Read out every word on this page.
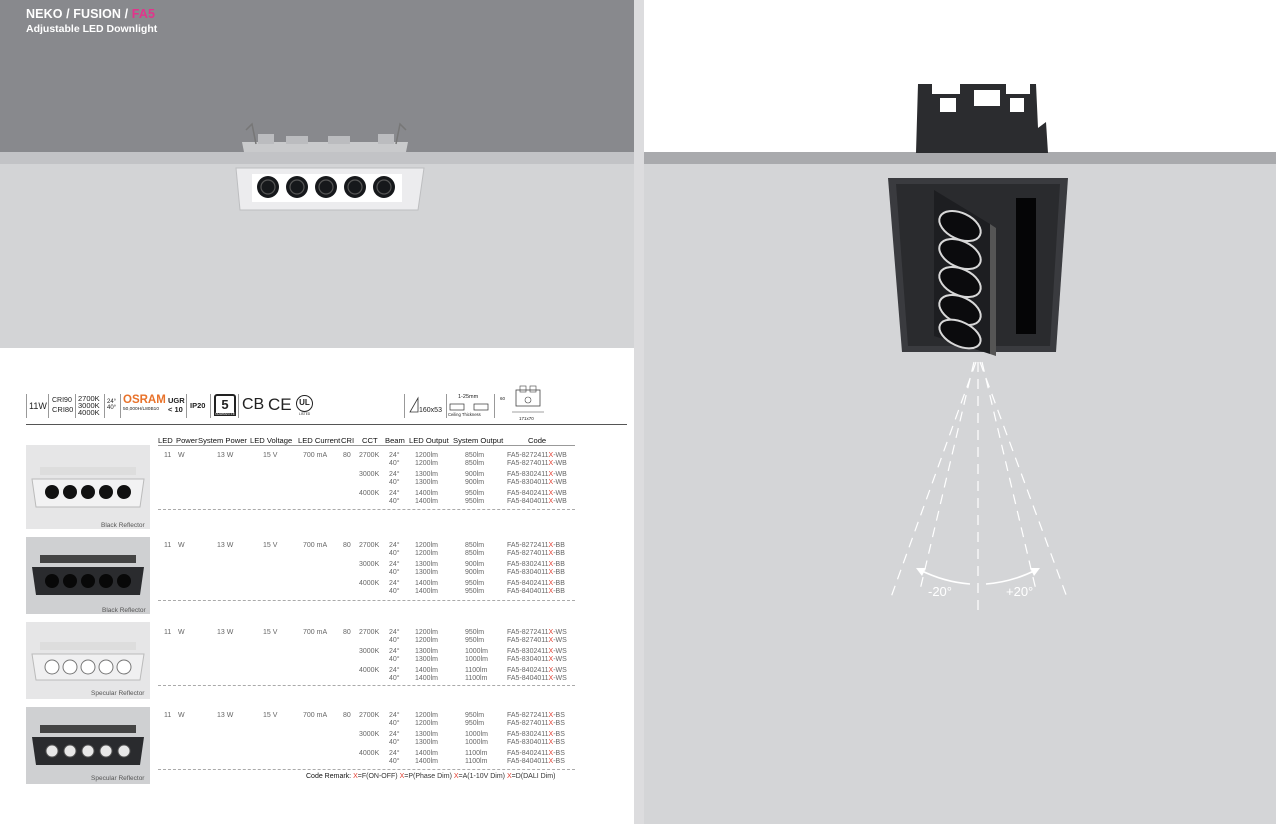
NEKO / FUSION / FA5
Adjustable LED Downlight
11W
CRI90
CRI80
2700K
3000K
4000K
24°
40°
OSRAM
50,000H/L80B10
UGR
< 10 IP20	5
GUARANTEE
CB CE UL
LISTED	160x53
1-25mm
Ceiling Thickness
60
171x70
LED Power System Power LED Voltage LED Current CRI CCT Beam LED Output System Output	Code
Black Reflector
Black Reflector
Specular Reflector
Specular Reflector
11 W	13 W	15 V	700 mA 80 2700K 24° 1200lm	850lm	FA5-8272411X-WB
40° 1200lm	850lm	FA5-8274011X-WB
3000K 24° 1300lm	900lm	FA5-8302411X-WB
40° 1300lm	900lm	FA5-8304011X-WB
4000K 24° 1400lm	950lm	FA5-8402411X-WB
40° 1400lm	950lm	FA5-8404011X-WB
11 W	13 W	15 V	700 mA 80 2700K 24° 1200lm	850lm	FA5-8272411X-BB
40° 1200lm	850lm	FA5-8274011X-BB
3000K 24° 1300lm	900lm	FA5-8302411X-BB
40° 1300lm	900lm	FA5-8304011X-BB
4000K 24° 1400lm	950lm	FA5-8402411X-BB
40° 1400lm	950lm	FA5-8404011X-BB
11 W	13 W	15 V	700 mA 80 2700K 24° 1200lm	950lm	FA5-8272411X-WS
40° 1200lm	950lm	FA5-8274011X-WS
3000K 24° 1300lm	1000lm	FA5-8302411X-WS
40° 1300lm	1000lm	FA5-8304011X-WS
4000K 24° 1400lm	1100lm	FA5-8402411X-WS
40° 1400lm	1100lm	FA5-8404011X-WS
11 W	13 W	15 V	700 mA 80 2700K 24° 1200lm	950lm	FA5-8272411X-BS
40° 1200lm	950lm	FA5-8274011X-BS
3000K 24° 1300lm	1000lm	FA5-8302411X-BS
40° 1300lm	1000lm	FA5-8304011X-BS
4000K 24° 1400lm	1100lm	FA5-8402411X-BS
40° 1400lm	1100lm	FA5-8404011X-BS
Code Remark: X=F(ON-OFF) X=P(Phase Dim) X=A(1-10V Dim) X=D(DALI Dim)
-20°	+20°
